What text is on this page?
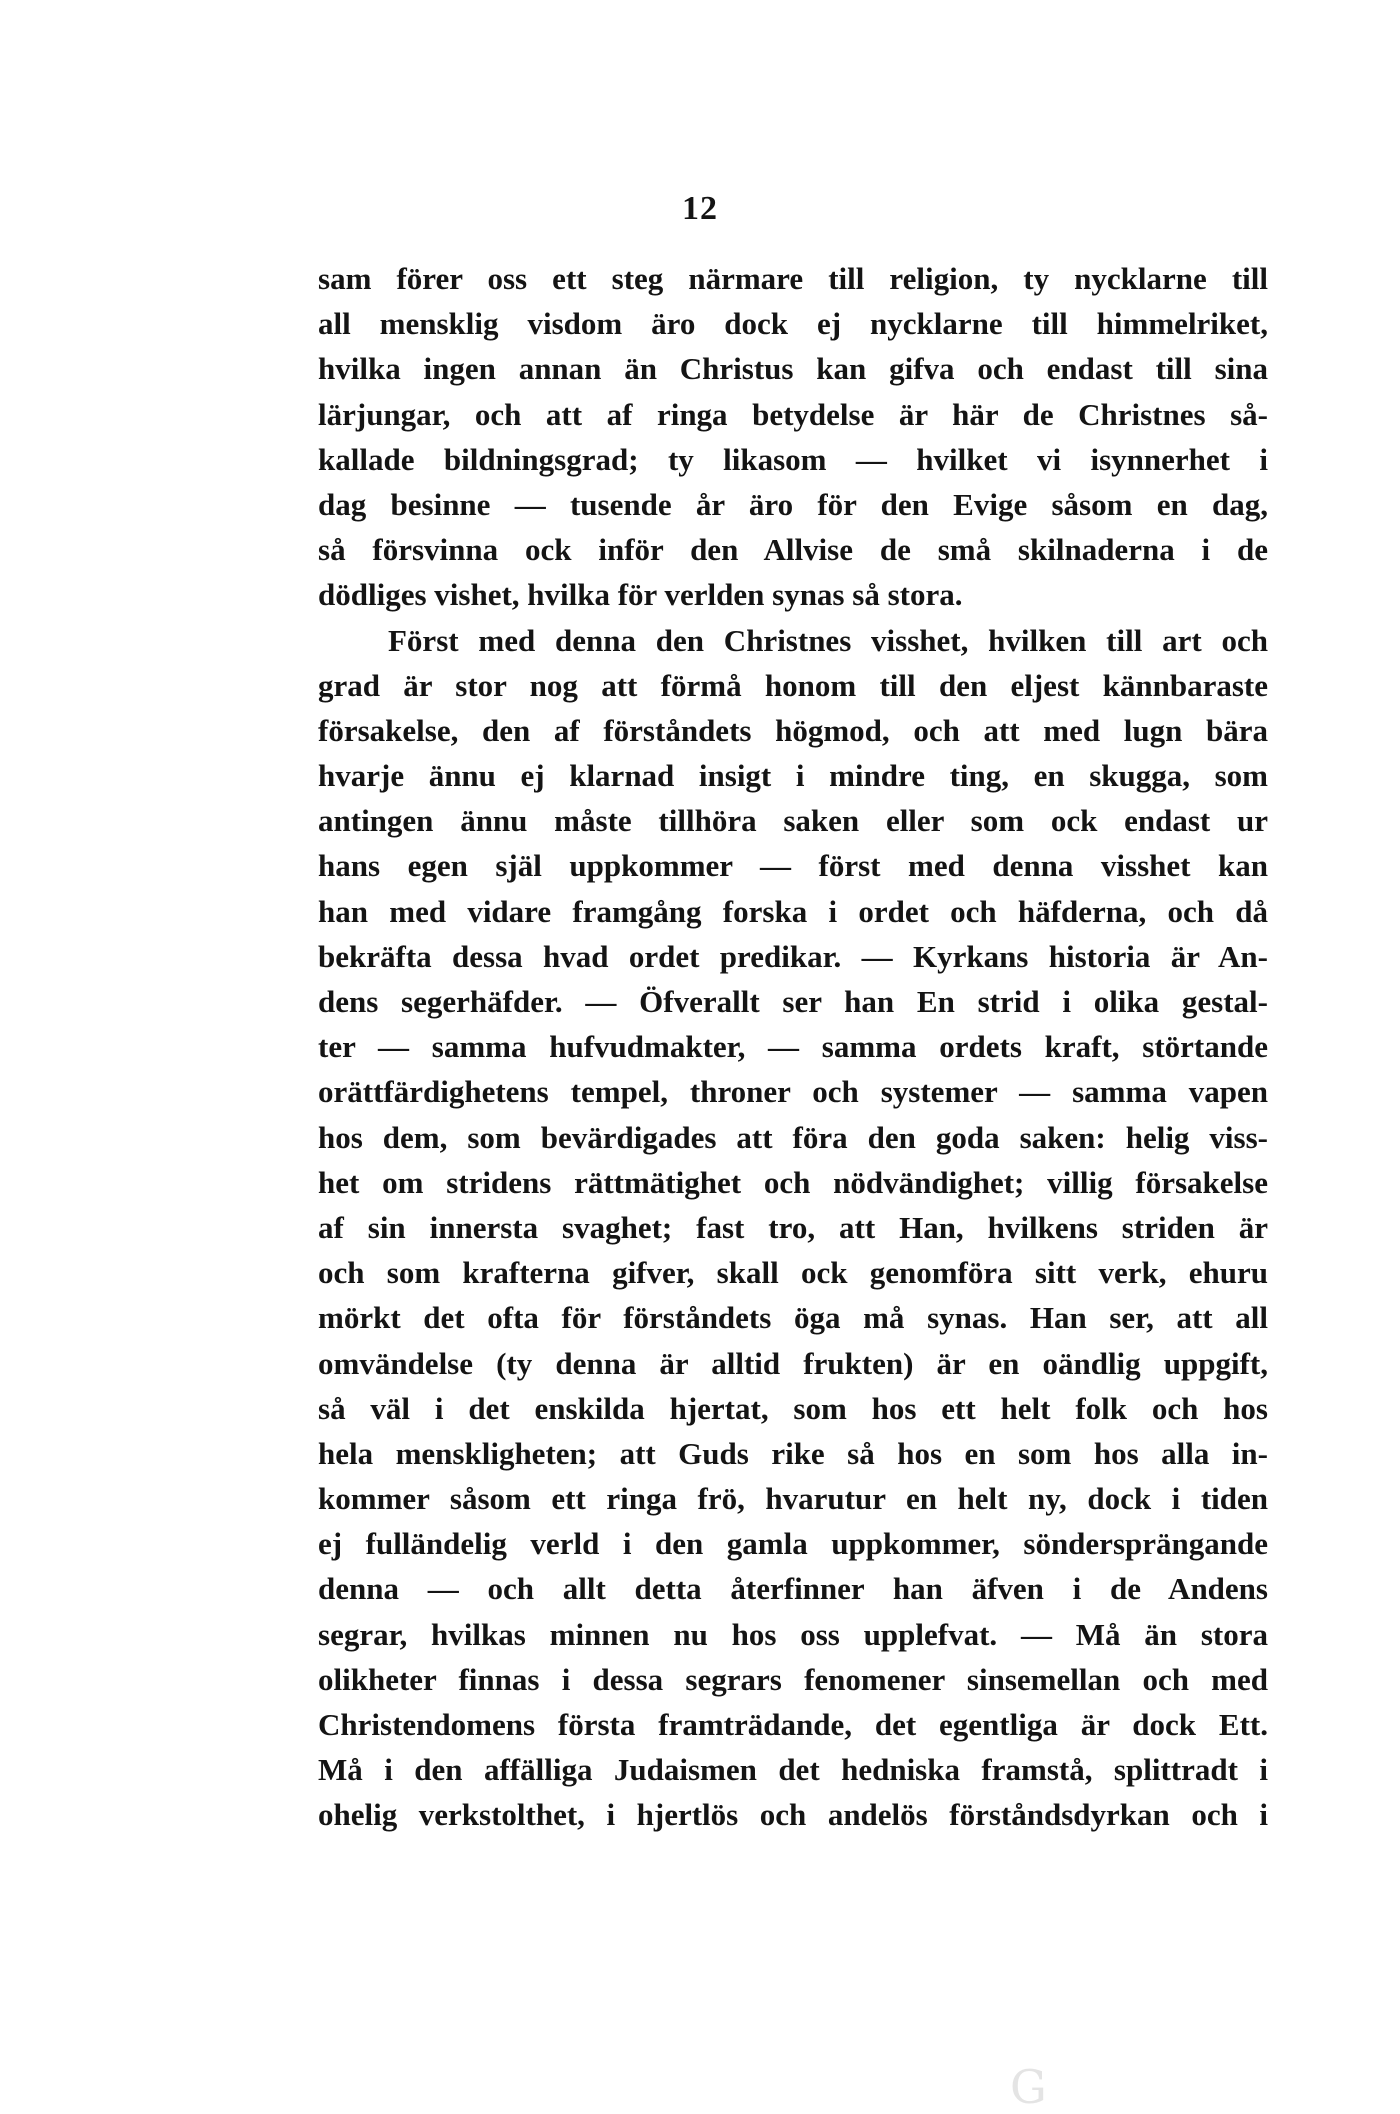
12
sam förer oss ett steg närmare till religion, ty nycklarne till
all mensklig visdom äro dock ej nycklarne till himmelriket,
hvilka ingen annan än Christus kan gifva och endast till sina
lärjungar, och att af ringa betydelse är här de Christnes så-
kallade bildningsgrad; ty likasom — hvilket vi isynnerhet i
dag besinne — tusende år äro för den Evige såsom en dag,
så försvinna ock inför den Allvise de små skilnaderna i de
dödliges vishet, hvilka för verlden synas så stora.
Först med denna den Christnes visshet, hvilken till art och
grad är stor nog att förmå honom till den eljest kännbaraste
försakelse, den af förståndets högmod, och att med lugn bära
hvarje ännu ej klarnad insigt i mindre ting, en skugga, som
antingen ännu måste tillhöra saken eller som ock endast ur
hans egen själ uppkommer — först med denna visshet kan
han med vidare framgång forska i ordet och häfderna, och då
bekräfta dessa hvad ordet predikar. — Kyrkans historia är An-
dens segerhäfder. — Öfverallt ser han En strid i olika gestal-
ter — samma hufvudmakter, — samma ordets kraft, störtande
orättfärdighetens tempel, throner och systemer — samma vapen
hos dem, som bevärdigades att föra den goda saken: helig viss-
het om stridens rättmätighet och nödvändighet; villig försakelse
af sin innersta svaghet; fast tro, att Han, hvilkens striden är
och som krafterna gifver, skall ock genomföra sitt verk, ehuru
mörkt det ofta för förståndets öga må synas. Han ser, att all
omvändelse (ty denna är alltid frukten) är en oändlig uppgift,
så väl i det enskilda hjertat, som hos ett helt folk och hos
hela menskligheten; att Guds rike så hos en som hos alla in-
kommer såsom ett ringa frö, hvarutur en helt ny, dock i tiden
ej fulländelig verld i den gamla uppkommer, söndersprängande
denna — och allt detta återfinner han äfven i de Andens
segrar, hvilkas minnen nu hos oss upplefvat. — Må än stora
olikheter finnas i dessa segrars fenomener sinsemellan och med
Christendomens första framträdande, det egentliga är dock Ett.
Må i den affälliga Judaismen det hedniska framstå, splittradt i
ohelig verkstolthet, i hjertlös och andelös förståndsdyrkan och i
G
